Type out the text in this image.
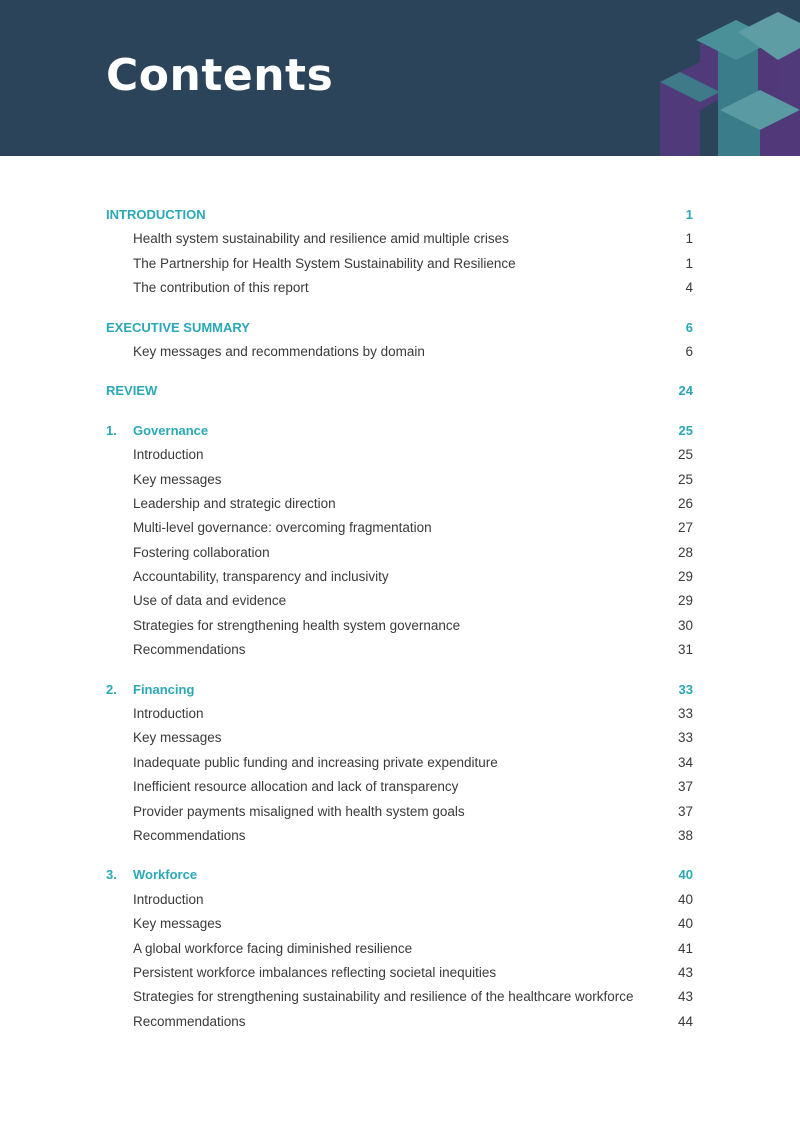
Contents
INTRODUCTION	1
Health system sustainability and resilience amid multiple crises	1
The Partnership for Health System Sustainability and Resilience	1
The contribution of this report	4
EXECUTIVE SUMMARY	6
Key messages and recommendations by domain	6
REVIEW	24
1. Governance	25
Introduction	25
Key messages	25
Leadership and strategic direction	26
Multi-level governance: overcoming fragmentation	27
Fostering collaboration	28
Accountability, transparency and inclusivity	29
Use of data and evidence	29
Strategies for strengthening health system governance	30
Recommendations	31
2. Financing	33
Introduction	33
Key messages	33
Inadequate public funding and increasing private expenditure	34
Inefficient resource allocation and lack of transparency	37
Provider payments misaligned with health system goals	37
Recommendations	38
3. Workforce	40
Introduction	40
Key messages	40
A global workforce facing diminished resilience	41
Persistent workforce imbalances reflecting societal inequities	43
Strategies for strengthening sustainability and resilience of the healthcare workforce	43
Recommendations	44
